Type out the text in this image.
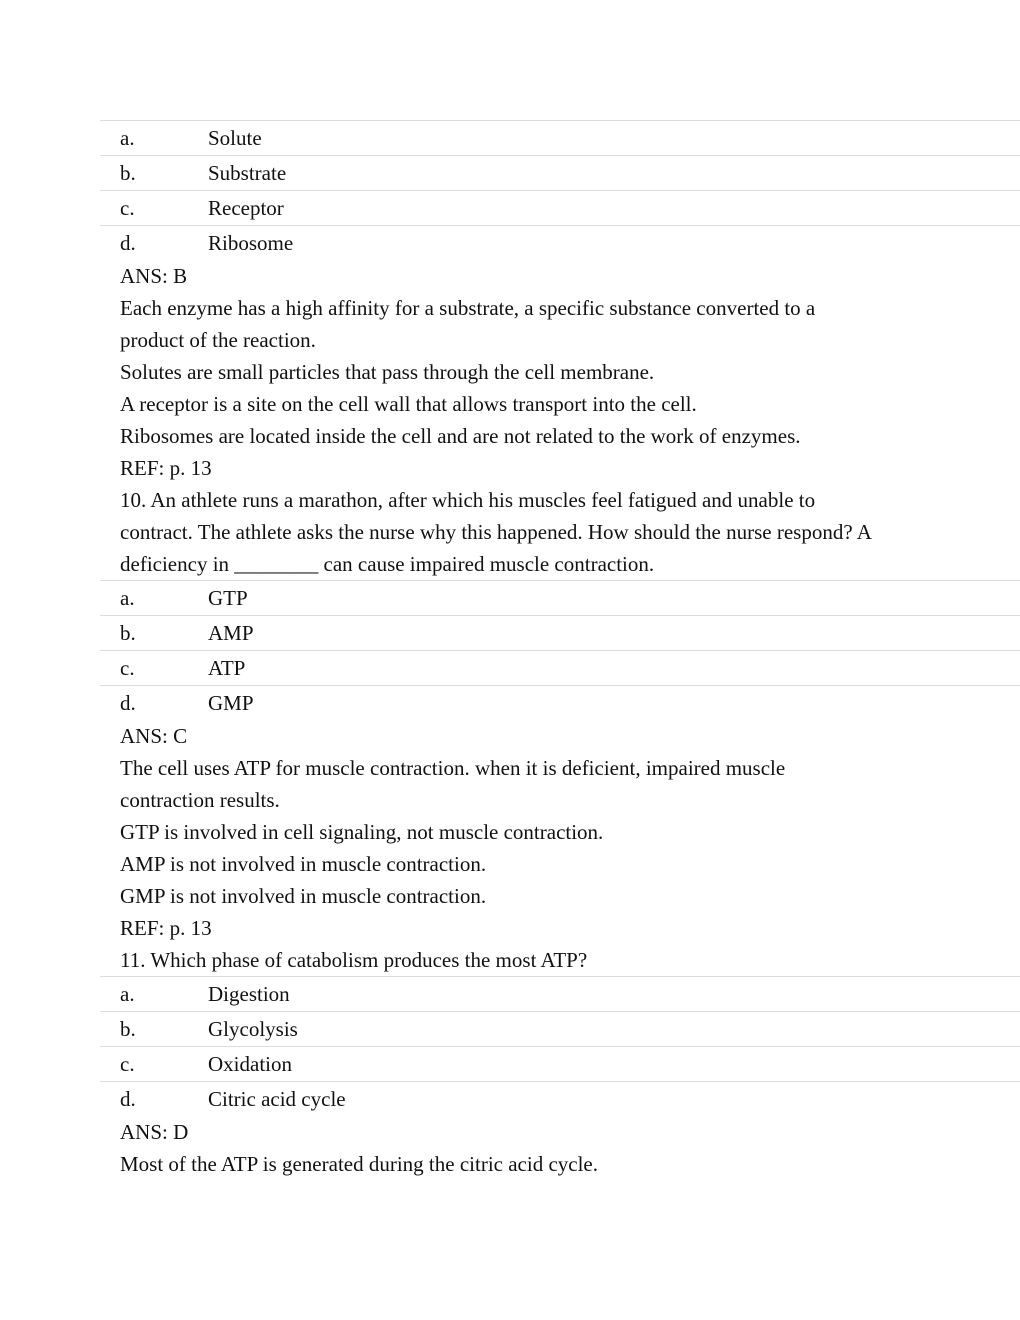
a.	Solute
b.	Substrate
c.	Receptor
d.	Ribosome
ANS: B
Each enzyme has a high affinity for a substrate, a specific substance converted to a product of the reaction.
Solutes are small particles that pass through the cell membrane.
A receptor is a site on the cell wall that allows transport into the cell.
Ribosomes are located inside the cell and are not related to the work of enzymes.
REF: p. 13
10. An athlete runs a marathon, after which his muscles feel fatigued and unable to contract. The athlete asks the nurse why this happened. How should the nurse respond? A deficiency in ________ can cause impaired muscle contraction.
a.	GTP
b.	AMP
c.	ATP
d.	GMP
ANS: C
The cell uses ATP for muscle contraction. when it is deficient, impaired muscle contraction results.
GTP is involved in cell signaling, not muscle contraction.
AMP is not involved in muscle contraction.
GMP is not involved in muscle contraction.
REF: p. 13
11. Which phase of catabolism produces the most ATP?
a.	Digestion
b.	Glycolysis
c.	Oxidation
d.	Citric acid cycle
ANS: D
Most of the ATP is generated during the citric acid cycle.
